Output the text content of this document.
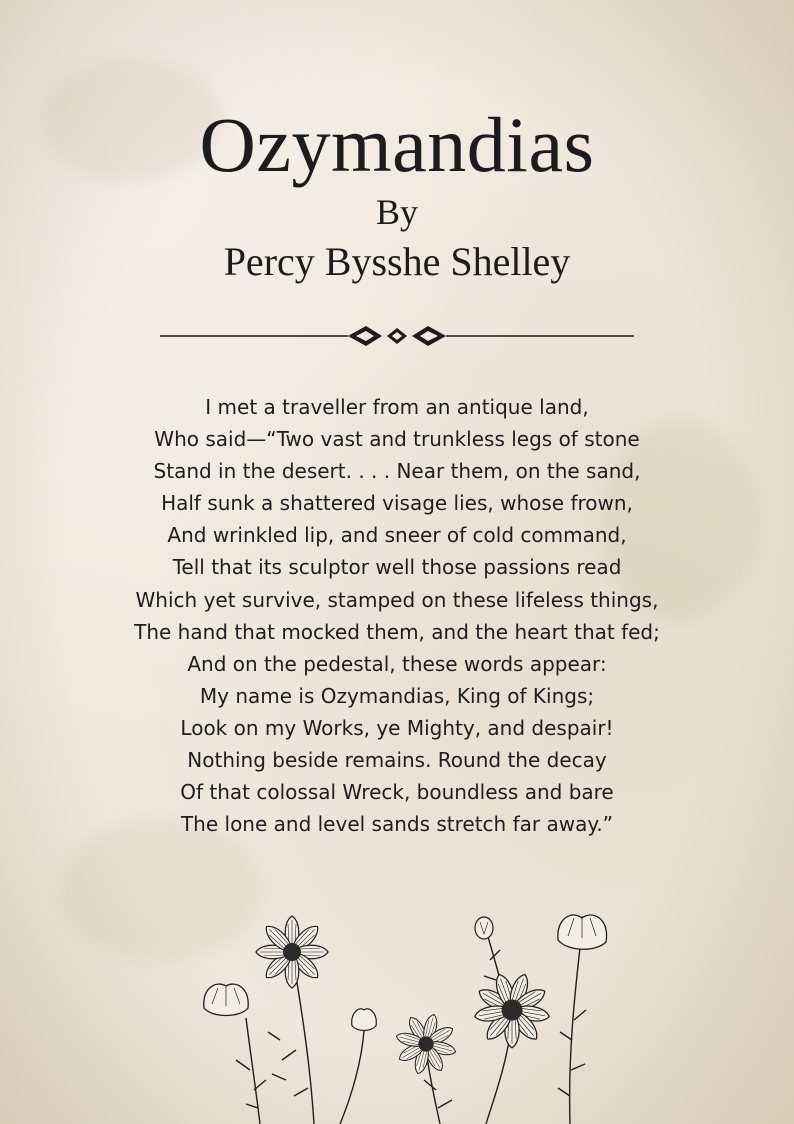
Ozymandias
By
Percy Bysshe Shelley
I met a traveller from an antique land,
Who said—“Two vast and trunkless legs of stone
Stand in the desert. . . . Near them, on the sand,
Half sunk a shattered visage lies, whose frown,
And wrinkled lip, and sneer of cold command,
Tell that its sculptor well those passions read
Which yet survive, stamped on these lifeless things,
The hand that mocked them, and the heart that fed;
And on the pedestal, these words appear:
My name is Ozymandias, King of Kings;
Look on my Works, ye Mighty, and despair!
Nothing beside remains. Round the decay
Of that colossal Wreck, boundless and bare
The lone and level sands stretch far away.”
